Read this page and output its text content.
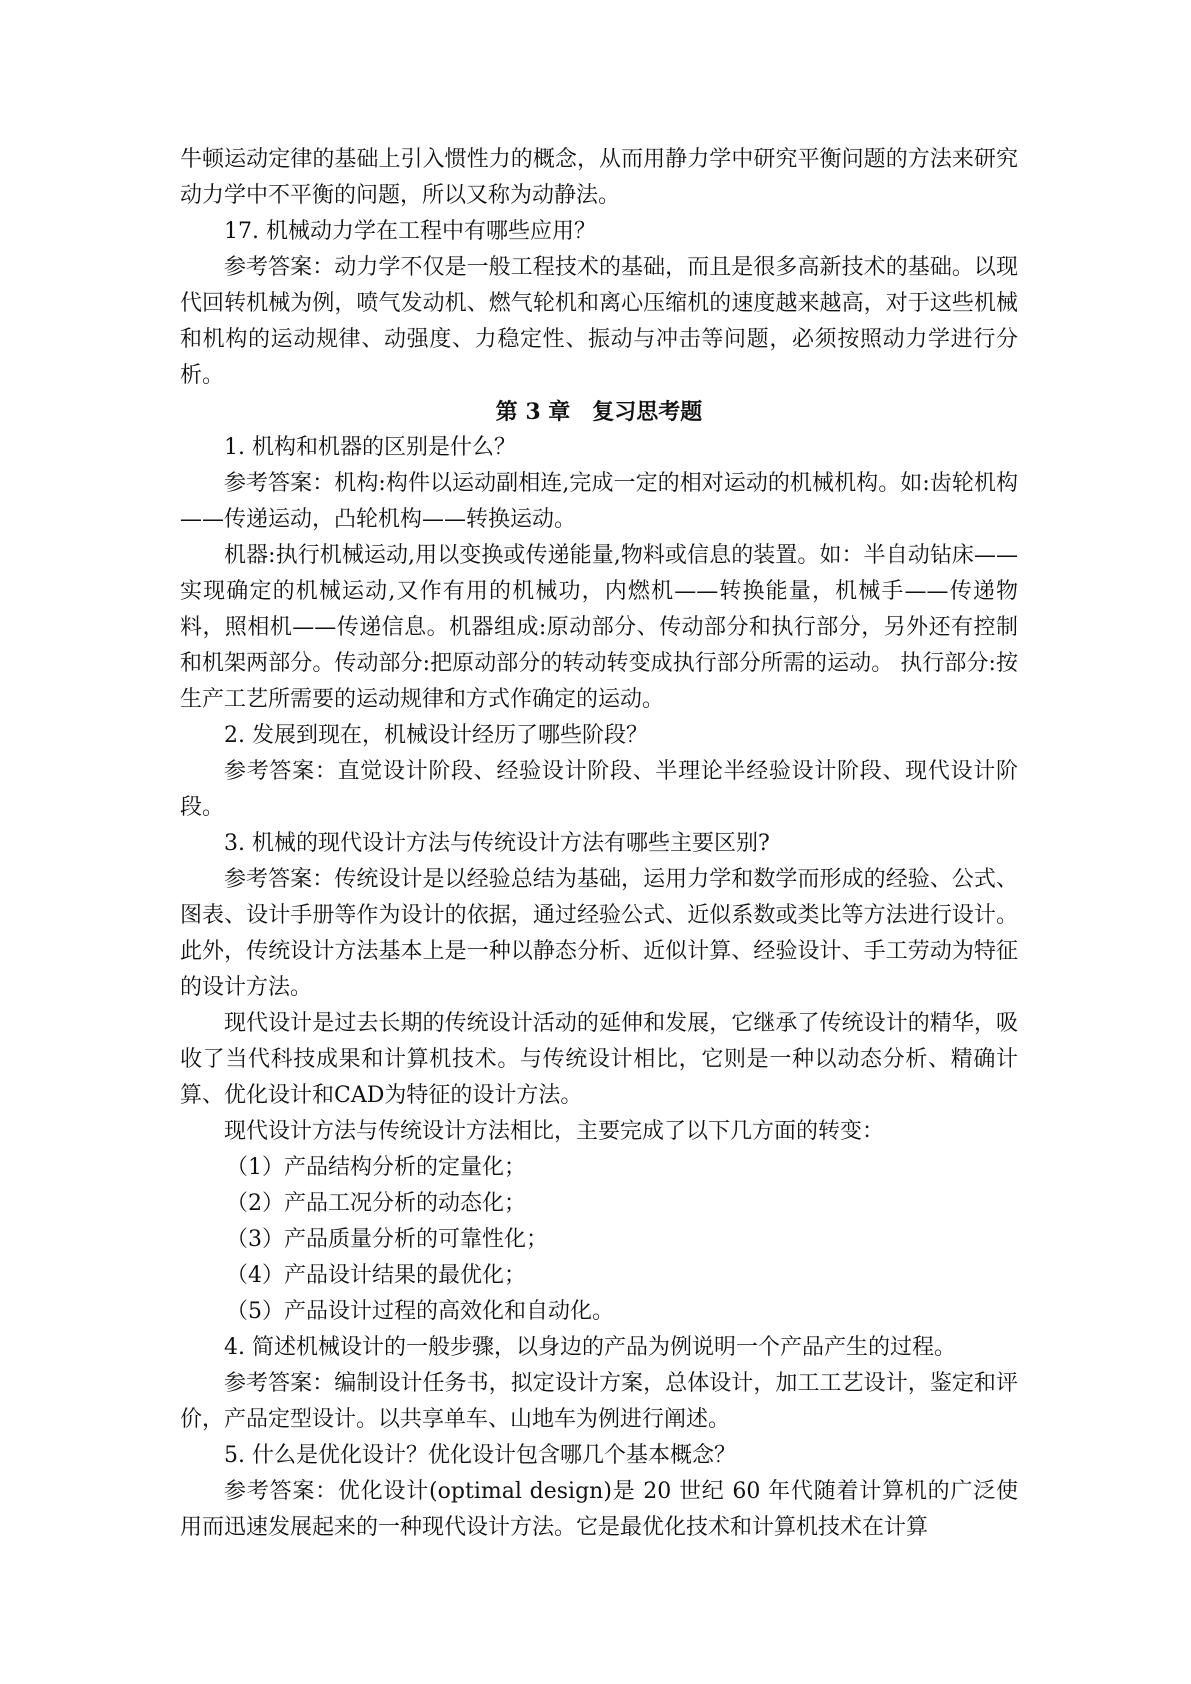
牛顿运动定律的基础上引入惯性力的概念，从而用静力学中研究平衡问题的方法来研究动力学中不平衡的问题，所以又称为动静法。

17. 机械动力学在工程中有哪些应用？

参考答案：动力学不仅是一般工程技术的基础，而且是很多高新技术的基础。以现代回转机械为例，喷气发动机、燃气轮机和离心压缩机的速度越来越高，对于这些机械和机构的运动规律、动强度、力稳定性、振动与冲击等问题，必须按照动力学进行分析。

第 3 章　复习思考题

1. 机构和机器的区别是什么？

参考答案：机构:构件以运动副相连,完成一定的相对运动的机械机构。如:齿轮机构——传递运动，凸轮机构——转换运动。

机器:执行机械运动,用以变换或传递能量,物料或信息的装置。如：半自动钻床——实现确定的机械运动,又作有用的机械功，内燃机——转换能量，机械手——传递物料，照相机——传递信息。机器组成:原动部分、传动部分和执行部分，另外还有控制和机架两部分。传动部分:把原动部分的转动转变成执行部分所需的运动。 执行部分:按生产工艺所需要的运动规律和方式作确定的运动。

2. 发展到现在，机械设计经历了哪些阶段？

参考答案：直觉设计阶段、经验设计阶段、半理论半经验设计阶段、现代设计阶段。

3. 机械的现代设计方法与传统设计方法有哪些主要区别?

参考答案：传统设计是以经验总结为基础，运用力学和数学而形成的经验、公式、图表、设计手册等作为设计的依据，通过经验公式、近似系数或类比等方法进行设计。此外，传统设计方法基本上是一种以静态分析、近似计算、经验设计、手工劳动为特征的设计方法。

现代设计是过去长期的传统设计活动的延伸和发展，它继承了传统设计的精华，吸收了当代科技成果和计算机技术。与传统设计相比，它则是一种以动态分析、精确计算、优化设计和CAD为特征的设计方法。

现代设计方法与传统设计方法相比，主要完成了以下几方面的转变：

（1）产品结构分析的定量化；

（2）产品工况分析的动态化；

（3）产品质量分析的可靠性化；

（4）产品设计结果的最优化；

（5）产品设计过程的高效化和自动化。

4. 简述机械设计的一般步骤，以身边的产品为例说明一个产品产生的过程。

参考答案：编制设计任务书，拟定设计方案，总体设计，加工工艺设计，鉴定和评价，产品定型设计。以共享单车、山地车为例进行阐述。

5. 什么是优化设计？优化设计包含哪几个基本概念？

参考答案：优化设计(optimal design)是 20 世纪 60 年代随着计算机的广泛使用而迅速发展起来的一种现代设计方法。它是最优化技术和计算机技术在计算
